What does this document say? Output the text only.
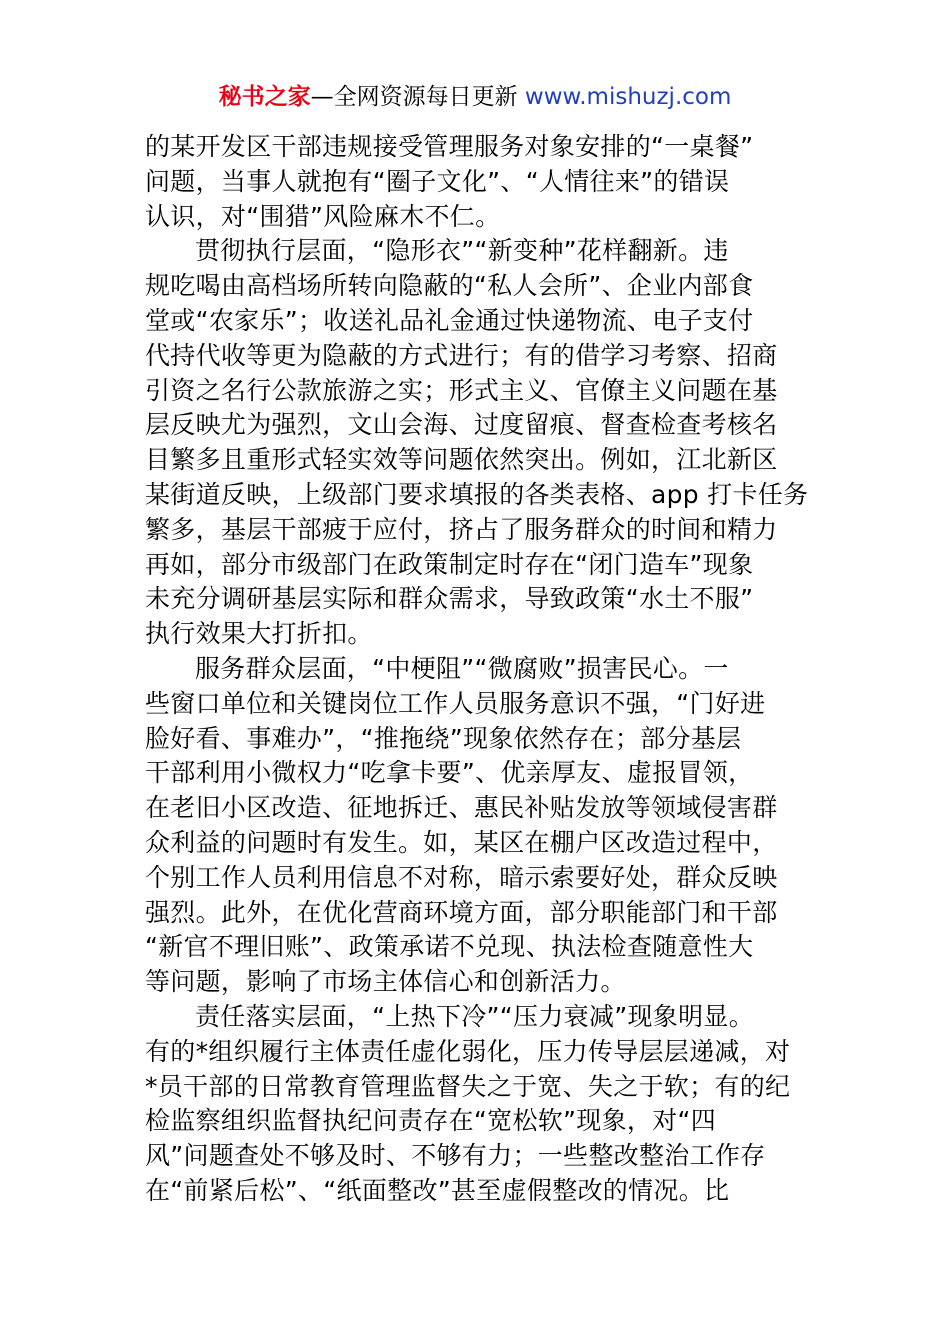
秘书之家—全网资源每日更新 www.mishuzj.com
的某开发区干部违规接受管理服务对象安排的“一桌餐”
问题，当事人就抱有“圈子文化”、“人情往来”的错误
认识，对“围猎”风险麻木不仁。
贯彻执行层面，“隐形衣”“新变种”花样翻新。违
规吃喝由高档场所转向隐蔽的“私人会所”、企业内部食
堂或“农家乐”；收送礼品礼金通过快递物流、电子支付
代持代收等更为隐蔽的方式进行；有的借学习考察、招商
引资之名行公款旅游之实；形式主义、官僚主义问题在基
层反映尤为强烈，文山会海、过度留痕、督查检查考核名
目繁多且重形式轻实效等问题依然突出。例如，江北新区
某街道反映，上级部门要求填报的各类表格、app 打卡任务
繁多，基层干部疲于应付，挤占了服务群众的时间和精力
再如，部分市级部门在政策制定时存在“闭门造车”现象
未充分调研基层实际和群众需求，导致政策“水土不服”
执行效果大打折扣。
服务群众层面，“中梗阻”“微腐败”损害民心。一
些窗口单位和关键岗位工作人员服务意识不强，“门好进
脸好看、事难办”，“推拖绕”现象依然存在；部分基层
干部利用小微权力“吃拿卡要”、优亲厚友、虚报冒领，
在老旧小区改造、征地拆迁、惠民补贴发放等领域侵害群
众利益的问题时有发生。如，某区在棚户区改造过程中，
个别工作人员利用信息不对称，暗示索要好处，群众反映
强烈。此外，在优化营商环境方面，部分职能部门和干部
“新官不理旧账”、政策承诺不兑现、执法检查随意性大
等问题，影响了市场主体信心和创新活力。
责任落实层面，“上热下冷”“压力衰减”现象明显。
有的*组织履行主体责任虚化弱化，压力传导层层递减，对
*员干部的日常教育管理监督失之于宽、失之于软；有的纪
检监察组织监督执纪问责存在“宽松软”现象，对“四
风”问题查处不够及时、不够有力；一些整改整治工作存
在“前紧后松”、“纸面整改”甚至虚假整改的情况。比
